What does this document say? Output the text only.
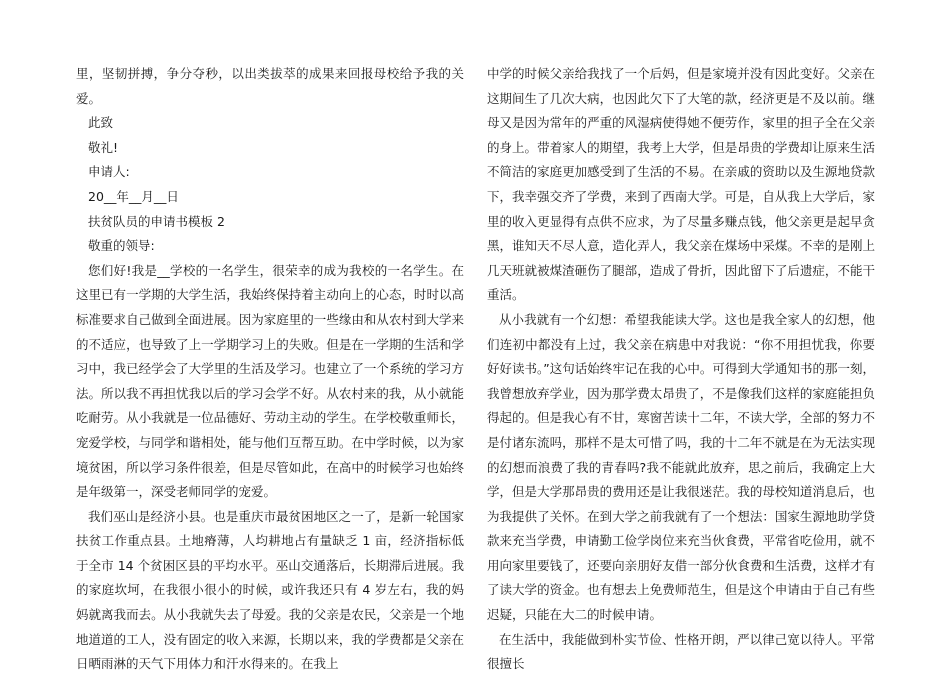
里，坚韧拼搏，争分夺秒，以出类拔萃的成果来回报母校给予我的关爱。

此致

敬礼!

申请人:

20__年__月__日

扶贫队员的申请书模板 2

敬重的领导:

您们好!我是__学校的一名学生，很荣幸的成为我校的一名学生。在这里已有一学期的大学生活，我始终保持着主动向上的心态，时时以高标准要求自己做到全面进展。因为家庭里的一些缘由和从农村到大学来的不适应，也导致了上一学期学习上的失败。但是在一学期的生活和学习中，我已经学会了大学里的生活及学习。也建立了一个系统的学习方法。所以我不再担忧我以后的学习会学不好。从农村来的我，从小就能吃耐劳。从小我就是一位品德好、劳动主动的学生。在学校敬重师长，宠爱学校，与同学和谐相处，能与他们互帮互助。在中学时候，以为家境贫困，所以学习条件很差，但是尽管如此，在高中的时候学习也始终是年级第一，深受老师同学的宠爱。

我们巫山是经济小县。也是重庆市最贫困地区之一了，是新一轮国家扶贫工作重点县。土地瘠薄，人均耕地占有量缺乏 1 亩，经济指标低于全市 14 个贫困区县的平均水平。巫山交通落后，长期滞后进展。我的家庭坎坷，在我很小很小的时候，或许我还只有 4 岁左右，我的妈妈就离我而去。从小我就失去了母爱。我的父亲是农民，父亲是一个地地道道的工人，没有固定的收入来源，长期以来，我的学费都是父亲在日晒雨淋的天气下用体力和汗水得来的。在我上

中学的时候父亲给我找了一个后妈，但是家境并没有因此变好。父亲在这期间生了几次大病，也因此欠下了大笔的款，经济更是不及以前。继母又是因为常年的严重的风湿病使得她不便劳作，家里的担子全在父亲的身上。带着家人的期望，我考上大学，但是昂贵的学费却让原来生活不简洁的家庭更加感受到了生活的不易。在亲戚的资助以及生源地贷款下，我幸强交齐了学费，来到了西南大学。可是，自从我上大学后，家里的收入更显得有点供不应求，为了尽量多赚点钱，他父亲更是起早贪黑，谁知天不尽人意，造化弄人，我父亲在煤场中采煤。不幸的是刚上几天班就被煤渣砸伤了腿部，造成了骨折，因此留下了后遗症，不能干重活。

从小我就有一个幻想：希望我能读大学。这也是我全家人的幻想，他们连初中都没有上过，我父亲在病患中对我说：“你不用担忧我，你要好好读书。”这句话始终牢记在我的心中。可得到大学通知书的那一刻，我曾想放弃学业，因为那学费太昂贵了，不是像我们这样的家庭能担负得起的。但是我心有不甘，寒窗苦读十二年，不读大学，全部的努力不是付诸东流吗，那样不是太可惜了吗，我的十二年不就是在为无法实现的幻想而浪费了我的青春吗?我不能就此放弃，思之前后，我确定上大学，但是大学那昂贵的费用还是让我很迷茫。我的母校知道消息后，也为我提供了关怀。在到大学之前我就有了一个想法：国家生源地助学贷款来充当学费，申请勤工俭学岗位来充当伙食费，平常省吃俭用，就不用向家里要钱了，还要向亲朋好友借一部分伙食费和生活费，这样才有了读大学的资金。也有想去上免费师范生，但是这个申请由于自己有些迟疑，只能在大二的时候申请。

在生活中，我能做到朴实节俭、性格开朗，严以律己宽以待人。平常很擅长
